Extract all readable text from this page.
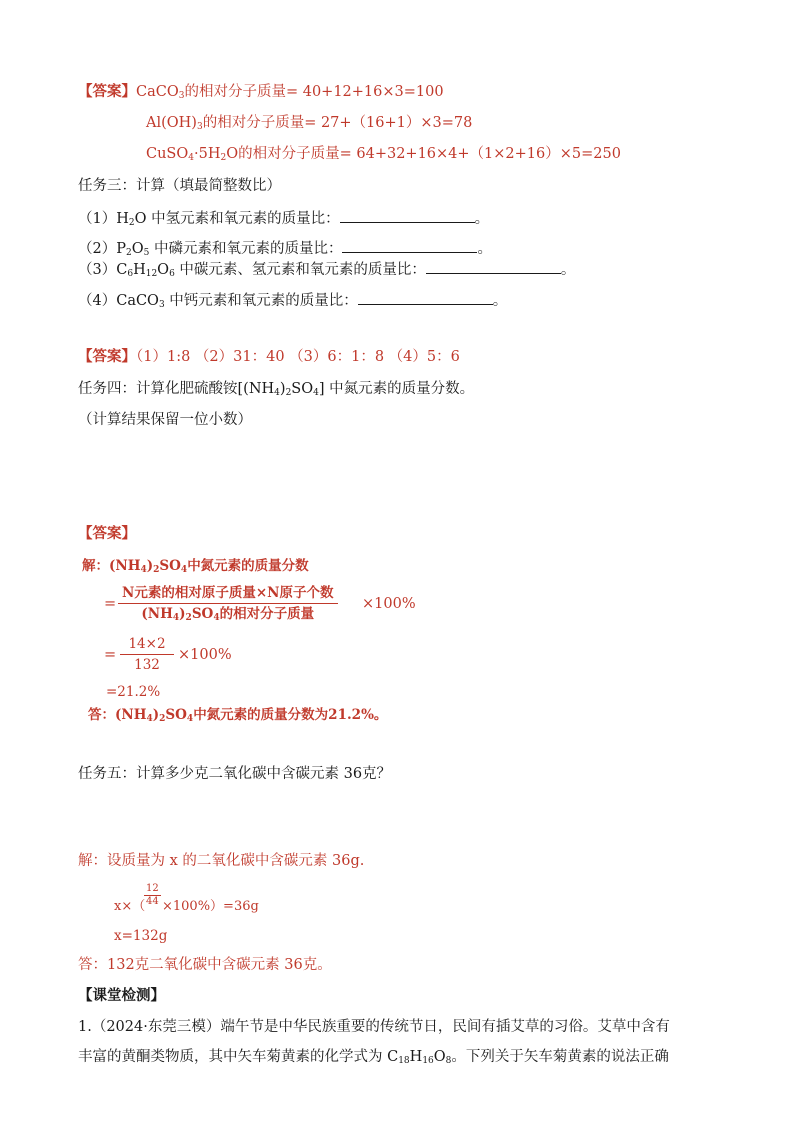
【答案】CaCO$_3$的相对分子质量= 40+12+16×3=100
$Al(OH)_3$的相对分子质量= 27+（16+1）×3=78
$CuSO_4\cdot 5H_2O$的相对分子质量= 64+32+16×4+（1×2+16）×5=250
任务三：计算（填最简整数比）
$(1)H_2O$ 中氢元素和氧元素的质量比：	。
$(2)P_2O_5$ 中磷元素和氧元素的质量比：	。
$(3)C_6H_{12}O_6$ 中碳元素、氢元素和氧元素的质量比：	。
（4）CaCO$_3$ 中钙元素和氧元素的质量比：	。
【答案】（1）1:8 （2）31：40 （3）6：1：8 （4）5：6
任务四：计算化肥硫酸铵$[(NH_4)_2SO_4]$ 中氮元素的质量分数。
（计算结果保留一位小数）
【答案】
解：$(NH_4)_2SO_4$中氮元素的质量分数
=
N元素的相对原子质量×N原子个数
$(NH_4)_2SO_4$的相对分子质量
×100%
= $\frac{14\times 2}{132} \times 100\%$
=21.2%
答：$(NH_4)_2SO_4$中氮元素的质量分数为21.2%。
任务五：计算多少克二氧化碳中含碳元素 36克？
解：设质量为 x 的二氧化碳中含碳元素 36g.
x×（
$\frac{12}{44} \times 100\%)=36g$
x=132g
答：132克二氧化碳中含碳元素 36克。
【课堂检测】
1.（2024·东莞三模）端午节是中华民族重要的传统节日，民间有插艾草的习俗。艾草中含有
丰富的黄酮类物质，其中矢车菊黄素的化学式为 $C_{18}H_{16}O_8$。下列关于矢车菊黄素的说法正确
